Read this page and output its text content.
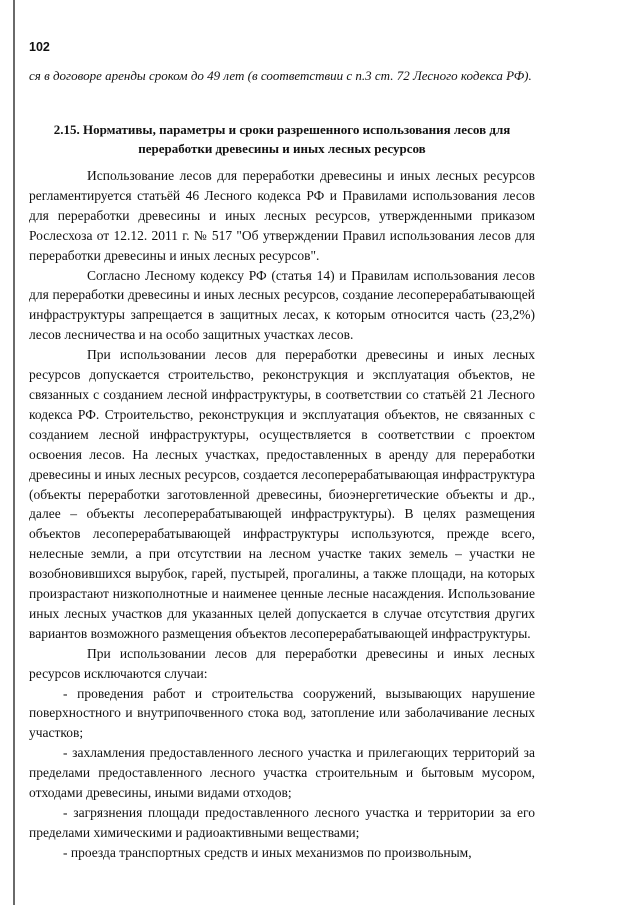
102
ся в договоре аренды сроком до 49 лет (в соответствии с п.3 ст. 72 Лесного кодекса РФ).
2.15. Нормативы, параметры и сроки разрешенного использования лесов для переработки древесины и иных лесных ресурсов

Использование лесов для переработки древесины и иных лесных ресурсов регламентируется статьёй 46 Лесного кодекса РФ и Правилами использования лесов для переработки древесины и иных лесных ресурсов, утвержденными приказом Рослесхоза от 12.12. 2011 г. № 517 "Об утверждении Правил использования лесов для переработки древесины и иных лесных ресурсов".

Согласно Лесному кодексу РФ (статья 14) и Правилам использования лесов для переработки древесины и иных лесных ресурсов, создание лесоперерабатывающей инфраструктуры запрещается в защитных лесах, к которым относится часть (23,2%) лесов лесничества и на особо защитных участках лесов.

При использовании лесов для переработки древесины и иных лесных ресурсов допускается строительство, реконструкция и эксплуатация объектов, не связанных с созданием лесной инфраструктуры, в соответствии со статьёй 21 Лесного кодекса РФ. Строительство, реконструкция и эксплуатация объектов, не связанных с созданием лесной инфраструктуры, осуществляется в соответствии с проектом освоения лесов. На лесных участках, предоставленных в аренду для переработки древесины и иных лесных ресурсов, создается лесоперерабатывающая инфраструктура (объекты переработки заготовленной древесины, биоэнергетические объекты и др., далее – объекты лесоперерабатывающей инфраструктуры). В целях размещения объектов лесоперерабатывающей инфраструктуры используются, прежде всего, нелесные земли, а при отсутствии на лесном участке таких земель – участки не возобновившихся вырубок, гарей, пустырей, прогалины, а также площади, на которых произрастают низкополнотные и наименее ценные лесные насаждения. Использование иных лесных участков для указанных целей допускается в случае отсутствия других вариантов возможного размещения объектов лесоперерабатывающей инфраструктуры.

При использовании лесов для переработки древесины и иных лесных ресурсов исключаются случаи:

- проведения работ и строительства сооружений, вызывающих нарушение поверхностного и внутрипочвенного стока вод, затопление или заболачивание лесных участков;

- захламления предоставленного лесного участка и прилегающих территорий за пределами предоставленного лесного участка строительным и бытовым мусором, отходами древесины, иными видами отходов;

- загрязнения площади предоставленного лесного участка и территории за его пределами химическими и радиоактивными веществами;

- проезда транспортных средств и иных механизмов по произвольным,
